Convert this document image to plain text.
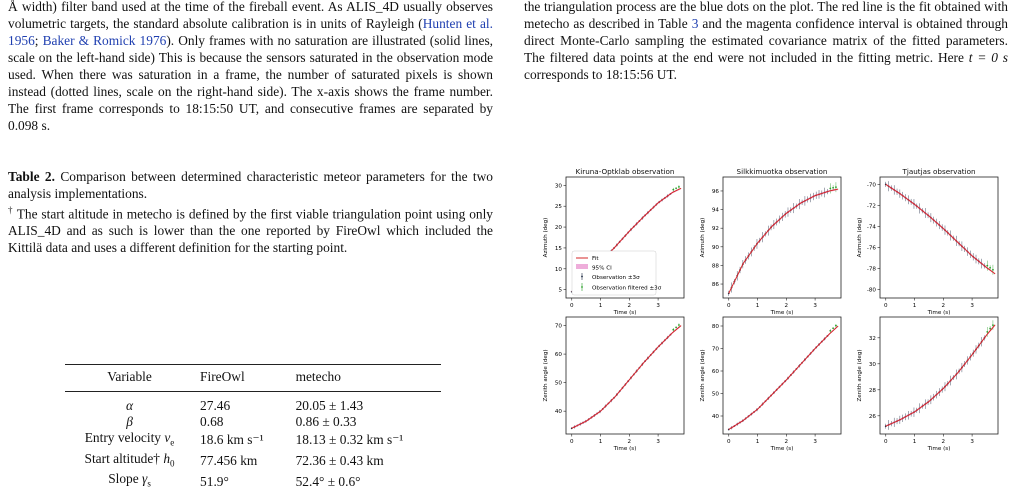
Å width) filter band used at the time of the fireball event. As ALIS_4D usually observes volumetric targets, the standard absolute calibration is in units of Rayleigh (Hunten et al. 1956; Baker & Romick 1976). Only frames with no saturation are illustrated (solid lines, scale on the left-hand side) This is because the sensors saturated in the observation mode used. When there was saturation in a frame, the number of saturated pixels is shown instead (dotted lines, scale on the right-hand side). The x-axis shows the frame number. The first frame corresponds to 18:15:50 UT, and consecutive frames are separated by 0.098 s.

Table 2. Comparison between determined characteristic meteor parameters for the two analysis implementations.
† The start altitude in metecho is defined by the first viable triangulation point using only ALIS_4D and as such is lower than the one reported by FireOwl which included the Kittilä data and uses a different definition for the starting point.

Variable	FireOwl	metecho
α	27.46	20.05 ± 1.43
β	0.68	0.86 ± 0.33
Entry velocity $v_e$	18.6 km s⁻¹	18.13 ± 0.32 km s⁻¹
Start altitude† $h_0$	77.456 km	72.36 ± 0.43 km
Slope $\gamma_s$	51.9°	52.4° ± 0.6°

the triangulation process are the blue dots on the plot. The red line is the fit obtained with metecho as described in Table 3 and the magenta confidence interval is obtained through direct Monte-Carlo sampling the estimated covariance matrix of the fitted parameters. The filtered data points at the end were not included in the fitting metric. Here t = 0 s corresponds to 18:15:56 UT.

Kiruna-Optklab observation
0	1	2	3
5
10
15
20
25
30
Time (s)
Azimuth (deg)
Silkkimuotka observation
0	1	2	3
86
88
90
92
94
96
Time (s)
Azimuth (deg)
Tjautjas observation
0	1	2	3
-80
-78
-76
-74
-72
-70
Time (s)
Azimuth (deg)
0	1	2	3
40
50
60
70
Time (s)
Zenith angle (deg)
0	1	2	3
40
50
60
70
80
Time (s)
Zenith angle (deg)
0	1	2	3
26
28
30
32
Time (s)
Zenith angle (deg)
Fit
95% CI
Observation ±3σ
Observation filtered ±3σ
